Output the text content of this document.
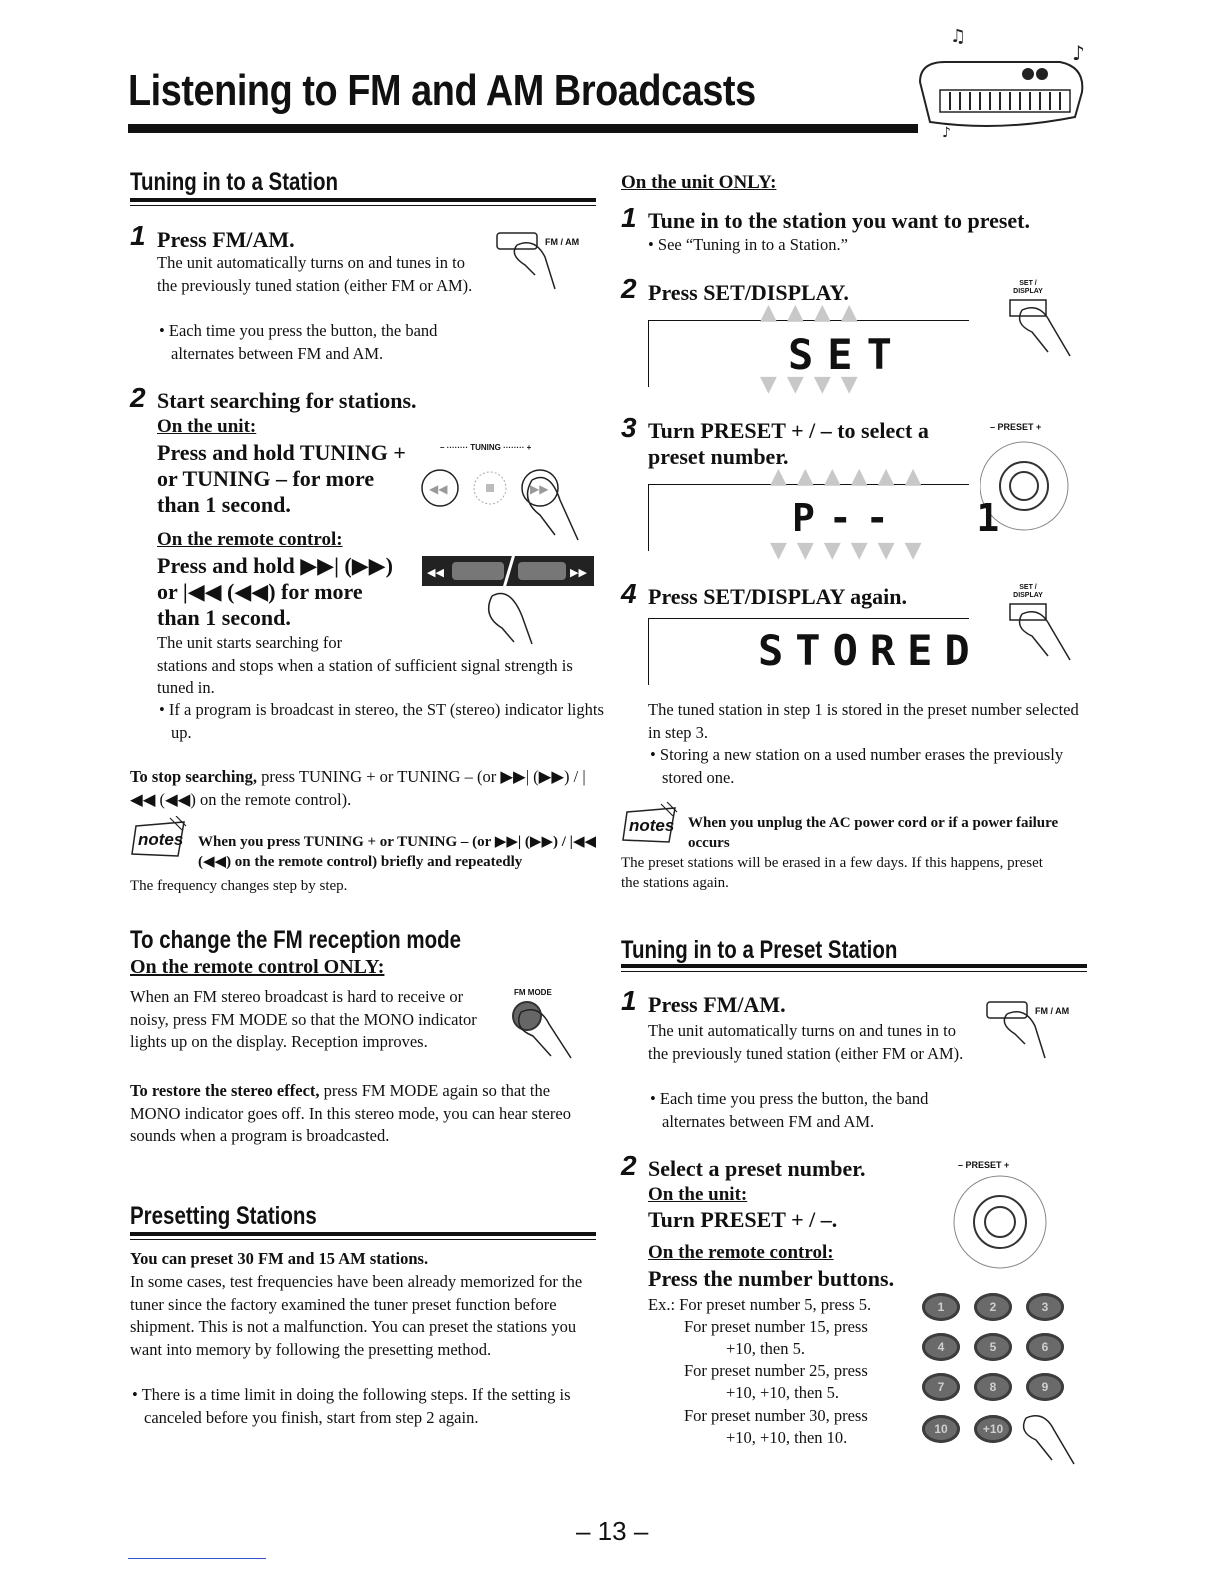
Listening to FM and AM Broadcasts
♫
♪
♪
Tuning in to a Station
1 Press FM/AM.

The unit automatically turns on and tunes in to the previously tuned station (either FM or AM).

• Each time you press the button, the band alternates between FM and AM.
FM / AM
2 Start searching for stations.
On the unit:
Press and hold TUNING +
or TUNING – for more
than 1 second.
– ········ TUNING ········ +
◀◀	▶▶
On the remote control:
Press and hold ▶▶| (▶▶)
or |◀◀ (◀◀) for more
than 1 second.
◀◀	▶▶

The unit starts searching for

stations and stops when a station of sufficient signal strength is tuned in.

• If a program is broadcast in stereo, the ST (stereo) indicator lights up.
To stop searching, press TUNING + or TUNING – (or ▶▶| (▶▶) / |◀◀ (◀◀) on the remote control).
notes When you press TUNING + or TUNING – (or ▶▶| (▶▶) / |◀◀ (◀◀) on the remote control) briefly and repeatedly
The frequency changes step by step.
To change the FM reception mode
On the remote control ONLY:
When an FM stereo broadcast is hard to receive or noisy, press FM MODE so that the MONO indicator lights up on the display. Reception improves.
FM MODE
To restore the stereo effect, press FM MODE again so that the MONO indicator goes off. In this stereo mode, you can hear stereo sounds when a program is broadcasted.
Presetting Stations
You can preset 30 FM and 15 AM stations.
In some cases, test frequencies have been already memorized for the tuner since the factory examined the tuner preset function before shipment. This is not a malfunction. You can preset the stations you want into memory by following the presetting method.
• There is a time limit in doing the following steps. If the setting is canceled before you finish, start from step 2 again.
On the unit ONLY:
1 Tune in to the station you want to preset.
• See “Tuning in to a Station.”
2 Press SET/DISPLAY.	SET / DISPLAY
▲▲▲▲
▼▼▼▼
SET
3 Turn PRESET + / – to select a
preset number.
– PRESET +
▲▲▲▲▲▲
▼▼▼▼▼▼
P--  1
4 Press SET/DISPLAY again.	SET / DISPLAY
STORED
The tuned station in step 1 is stored in the preset number selected in step 3.
• Storing a new station on a used number erases the previously stored one.
notes When you unplug the AC power cord or if a power failure occurs
The preset stations will be erased in a few days. If this happens, preset the stations again.
Tuning in to a Preset Station
1 Press FM/AM.
The unit automatically turns on and tunes in to the previously tuned station (either FM or AM).
• Each time you press the button, the band alternates between FM and AM.
FM / AM
2 Select a preset number.
On the unit:
Turn PRESET + / –.
On the remote control:
Press the number buttons.
– PRESET +
Ex.: For preset number 5, press 5.
For preset number 15, press
+10, then 5.
For preset number 25, press
+10, +10, then 5.
For preset number 30, press
+10, +10, then 10.
1	2	3
4	5	6
7	8	9
10	+10
– 13 –
